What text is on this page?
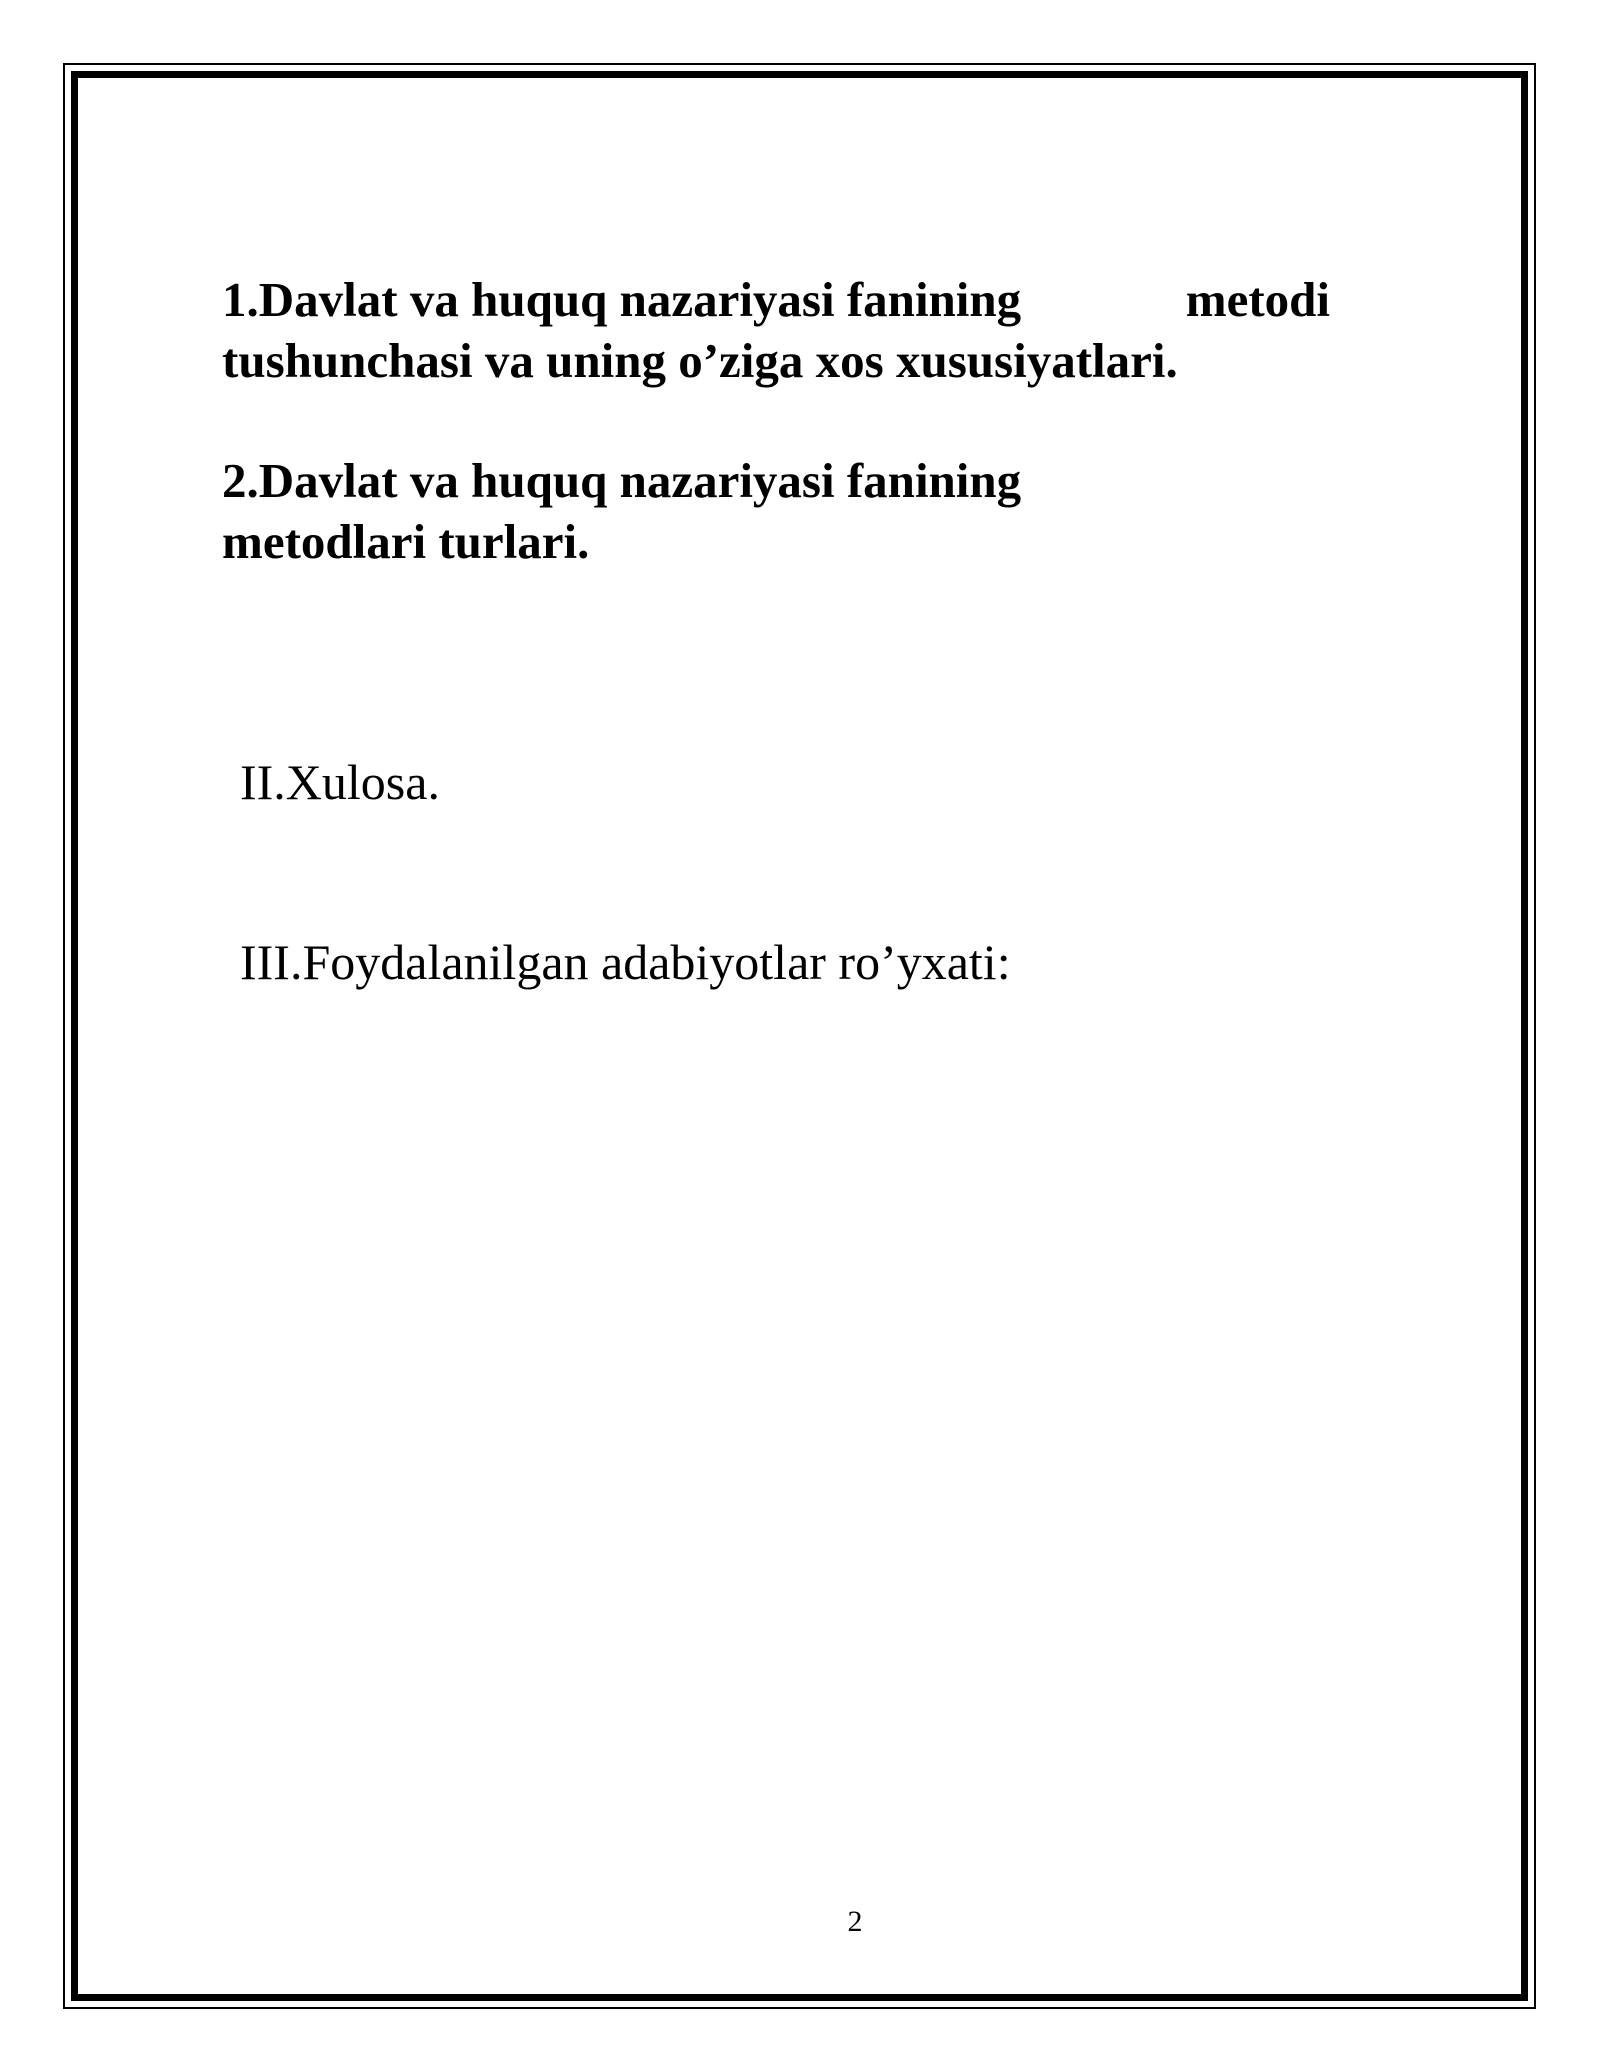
1.Davlat va huquq nazariyasi fanining	metodi
tushunchasi va uning o’ziga xos xususiyatlari.
2.Davlat va huquq nazariyasi fanining
metodlari turlari.
II.Xulosa.
III.Foydalanilgan adabiyotlar ro’yxati:
2
